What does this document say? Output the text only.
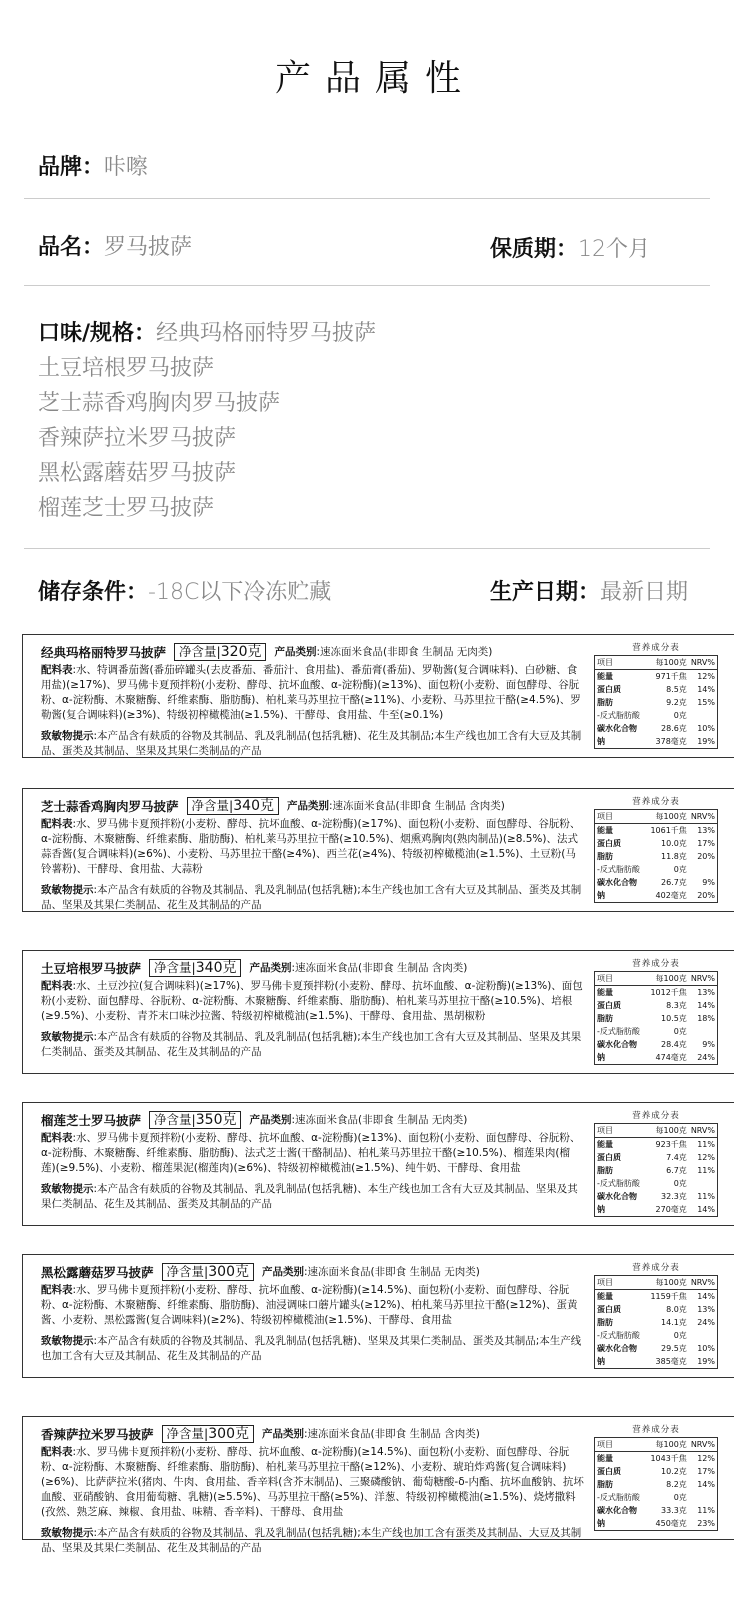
产品属性
品牌：咔嚓
品名：罗马披萨	保质期：12个月
口味/规格： 经典玛格丽特罗马披萨
土豆培根罗马披萨
芝士蒜香鸡胸肉罗马披萨
香辣萨拉米罗马披萨
黑松露蘑菇罗马披萨
榴莲芝士罗马披萨
储存条件：-18C以下冷冻贮藏	生产日期：最新日期
经典玛格丽特罗马披萨	净含量|320克	产品类别:速冻面米食品(非即食 生制品 无肉类)
配料表:水、特调番茄酱(番茄碎罐头(去皮番茄、番茄汁、食用盐)、番茄膏(番茄)、罗勒酱(复合调味料)、白砂糖、食用盐)(≥17%)、罗马佛卡夏预拌粉(小麦粉、酵母、抗坏血酸、α-淀粉酶)(≥13%)、面包粉(小麦粉、面包酵母、谷朊粉、α-淀粉酶、木聚糖酶、纤维素酶、脂肪酶)、柏札莱马苏里拉干酪(≥11%)、小麦粉、马苏里拉干酪(≥4.5%)、罗勒酱(复合调味料)(≥3%)、特级初榨橄榄油(≥1.5%)、干酵母、食用盐、牛至(≥0.1%)
致敏物提示:本产品含有麸质的谷物及其制品、乳及乳制品(包括乳糖)、花生及其制品;本生产线也加工含有大豆及其制品、蛋类及其制品、坚果及其果仁类制品的产品
营养成分表
项目	每100克	NRV%
能量	971千焦	12%
蛋白质	8.5克	14%
脂肪	9.2克	15%
-反式脂肪酸	0克	
碳水化合物	28.6克	10%
钠	378毫克	19%
芝士蒜香鸡胸肉罗马披萨	净含量|340克	产品类别:速冻面米食品(非即食 生制品 含肉类)
配料表:水、罗马佛卡夏预拌粉(小麦粉、酵母、抗坏血酸、α-淀粉酶)(≥17%)、面包粉(小麦粉、面包酵母、谷朊粉、α-淀粉酶、木聚糖酶、纤维素酶、脂肪酶)、柏札莱马苏里拉干酪(≥10.5%)、烟熏鸡胸肉(熟肉制品)(≥8.5%)、法式蒜香酱(复合调味料)(≥6%)、小麦粉、马苏里拉干酪(≥4%)、西兰花(≥4%)、特级初榨橄榄油(≥1.5%)、土豆粉(马铃薯粉)、干酵母、食用盐、大蒜粉
致敏物提示:本产品含有麸质的谷物及其制品、乳及乳制品(包括乳糖);本生产线也加工含有大豆及其制品、蛋类及其制品、坚果及其果仁类制品、花生及其制品的产品
营养成分表
项目	每100克	NRV%
能量	1061千焦	13%
蛋白质	10.0克	17%
脂肪	11.8克	20%
-反式脂肪酸	0克	
碳水化合物	26.7克	9%
钠	402毫克	20%
土豆培根罗马披萨	净含量|340克	产品类别:速冻面米食品(非即食 生制品 含肉类)
配料表:水、土豆沙拉(复合调味料)(≥17%)、罗马佛卡夏预拌粉(小麦粉、酵母、抗坏血酸、α-淀粉酶)(≥13%)、面包粉(小麦粉、面包酵母、谷朊粉、α-淀粉酶、木聚糖酶、纤维素酶、脂肪酶)、柏札莱马苏里拉干酪(≥10.5%)、培根(≥9.5%)、小麦粉、青芥末口味沙拉酱、特级初榨橄榄油(≥1.5%)、干酵母、食用盐、黑胡椒粉
致敏物提示:本产品含有麸质的谷物及其制品、乳及乳制品(包括乳糖);本生产线也加工含有大豆及其制品、坚果及其果仁类制品、蛋类及其制品、花生及其制品的产品
营养成分表
项目	每100克	NRV%
能量	1012千焦	13%
蛋白质	8.3克	14%
脂肪	10.5克	18%
-反式脂肪酸	0克	
碳水化合物	28.4克	9%
钠	474毫克	24%
榴莲芝士罗马披萨	净含量|350克	产品类别:速冻面米食品(非即食 生制品 无肉类)
配料表:水、罗马佛卡夏预拌粉(小麦粉、酵母、抗坏血酸、α-淀粉酶)(≥13%)、面包粉(小麦粉、面包酵母、谷朊粉、α-淀粉酶、木聚糖酶、纤维素酶、脂肪酶)、法式芝士酱(干酪制品)、柏札莱马苏里拉干酪(≥10.5%)、榴莲果肉(榴莲)(≥9.5%)、小麦粉、榴莲果泥(榴莲肉)(≥6%)、特级初榨橄榄油(≥1.5%)、纯牛奶、干酵母、食用盐
致敏物提示:本产品含有麸质的谷物及其制品、乳及乳制品(包括乳糖)、本生产线也加工含有大豆及其制品、坚果及其果仁类制品、花生及其制品、蛋类及其制品的产品
营养成分表
项目	每100克	NRV%
能量	923千焦	11%
蛋白质	7.4克	12%
脂肪	6.7克	11%
-反式脂肪酸	0克	
碳水化合物	32.3克	11%
钠	270毫克	14%
黑松露蘑菇罗马披萨	净含量|300克	产品类别:速冻面米食品(非即食 生制品 无肉类)
配料表:水、罗马佛卡夏预拌粉(小麦粉、酵母、抗坏血酸、α-淀粉酶)(≥14.5%)、面包粉(小麦粉、面包酵母、谷朊粉、α-淀粉酶、木聚糖酶、纤维素酶、脂肪酶)、油浸调味口蘑片罐头(≥12%)、柏札莱马苏里拉干酪(≥12%)、蛋黄酱、小麦粉、黑松露酱(复合调味料)(≥2%)、特级初榨橄榄油(≥1.5%)、干酵母、食用盐
致敏物提示:本产品含有麸质的谷物及其制品、乳及乳制品(包括乳糖)、坚果及其果仁类制品、蛋类及其制品;本生产线也加工含有大豆及其制品、花生及其制品的产品
营养成分表
项目	每100克	NRV%
能量	1159千焦	14%
蛋白质	8.0克	13%
脂肪	14.1克	24%
-反式脂肪酸	0克	
碳水化合物	29.5克	10%
钠	385毫克	19%
香辣萨拉米罗马披萨	净含量|300克	产品类别:速冻面米食品(非即食 生制品 含肉类)
配料表:水、罗马佛卡夏预拌粉(小麦粉、酵母、抗坏血酸、α-淀粉酶)(≥14.5%)、面包粉(小麦粉、面包酵母、谷朊粉、α-淀粉酶、木聚糖酶、纤维素酶、脂肪酶)、柏札莱马苏里拉干酪(≥12%)、小麦粉、琥珀炸鸡酱(复合调味料)(≥6%)、比萨萨拉米(猪肉、牛肉、食用盐、香辛料(含芥末制品)、三聚磷酸钠、葡萄糖酸-δ-内酯、抗坏血酸钠、抗坏血酸、亚硝酸钠、食用葡萄糖、乳糖)(≥5.5%)、马苏里拉干酪(≥5%)、洋葱、特级初榨橄榄油(≥1.5%)、烧烤撒料(孜然、熟芝麻、辣椒、食用盐、味精、香辛料)、干酵母、食用盐
致敏物提示:本产品含有麸质的谷物及其制品、乳及乳制品(包括乳糖);本生产线也加工含有蛋类及其制品、大豆及其制品、坚果及其果仁类制品、花生及其制品的产品
营养成分表
项目	每100克	NRV%
能量	1043千焦	12%
蛋白质	10.2克	17%
脂肪	8.2克	14%
-反式脂肪酸	0克	
碳水化合物	33.3克	11%
钠	450毫克	23%
